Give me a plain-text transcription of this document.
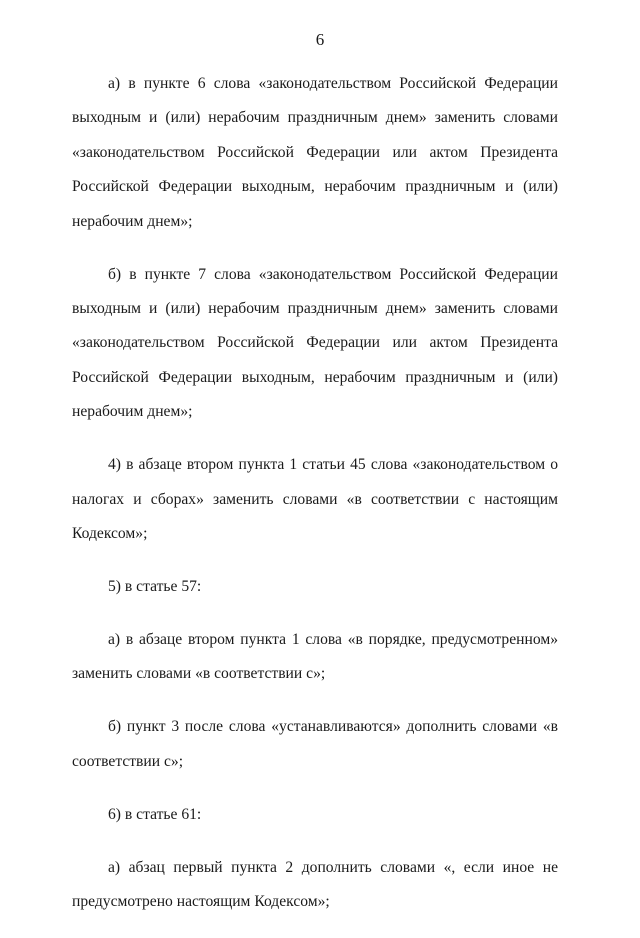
6

а) в пункте 6 слова «законодательством Российской Федерации выходным и (или) нерабочим праздничным днем» заменить словами «законодательством Российской Федерации или актом Президента Российской Федерации выходным, нерабочим праздничным и (или) нерабочим днем»;

б) в пункте 7 слова «законодательством Российской Федерации выходным и (или) нерабочим праздничным днем» заменить словами «законодательством Российской Федерации или актом Президента Российской Федерации выходным, нерабочим праздничным и (или) нерабочим днем»;

4) в абзаце втором пункта 1 статьи 45 слова «законодательством о налогах и сборах» заменить словами «в соответствии с настоящим Кодексом»;

5) в статье 57:

а) в абзаце втором пункта 1 слова «в порядке, предусмотренном» заменить словами «в соответствии с»;

б) пункт 3 после слова «устанавливаются» дополнить словами «в соответствии с»;

6) в статье 61:

а) абзац первый пункта 2 дополнить словами «, если иное не предусмотрено настоящим Кодексом»;
